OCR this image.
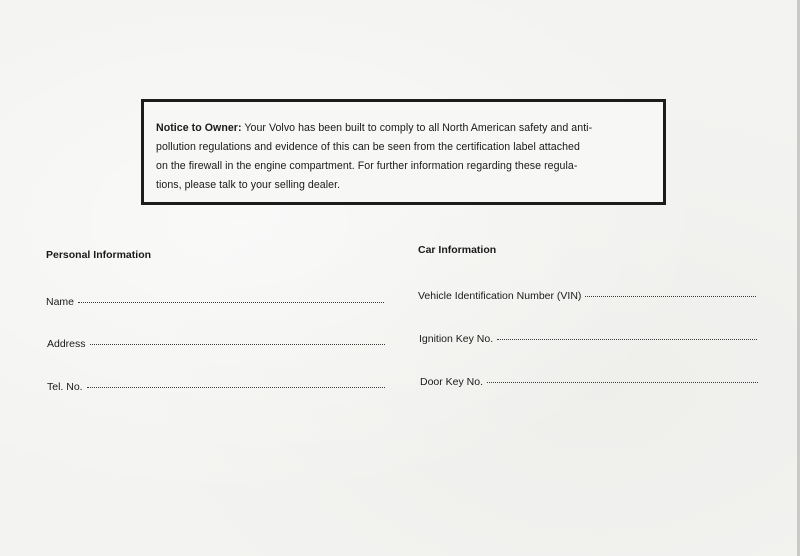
Notice to Owner: Your Volvo has been built to comply to all North American safety and anti-
pollution regulations and evidence of this can be seen from the certification label attached
on the firewall in the engine compartment. For further information regarding these regula-
tions, please talk to your selling dealer.
Personal Information
Name
Address
Tel. No.
Car Information
Vehicle Identification Number (VIN)
Ignition Key No.
Door Key No.
